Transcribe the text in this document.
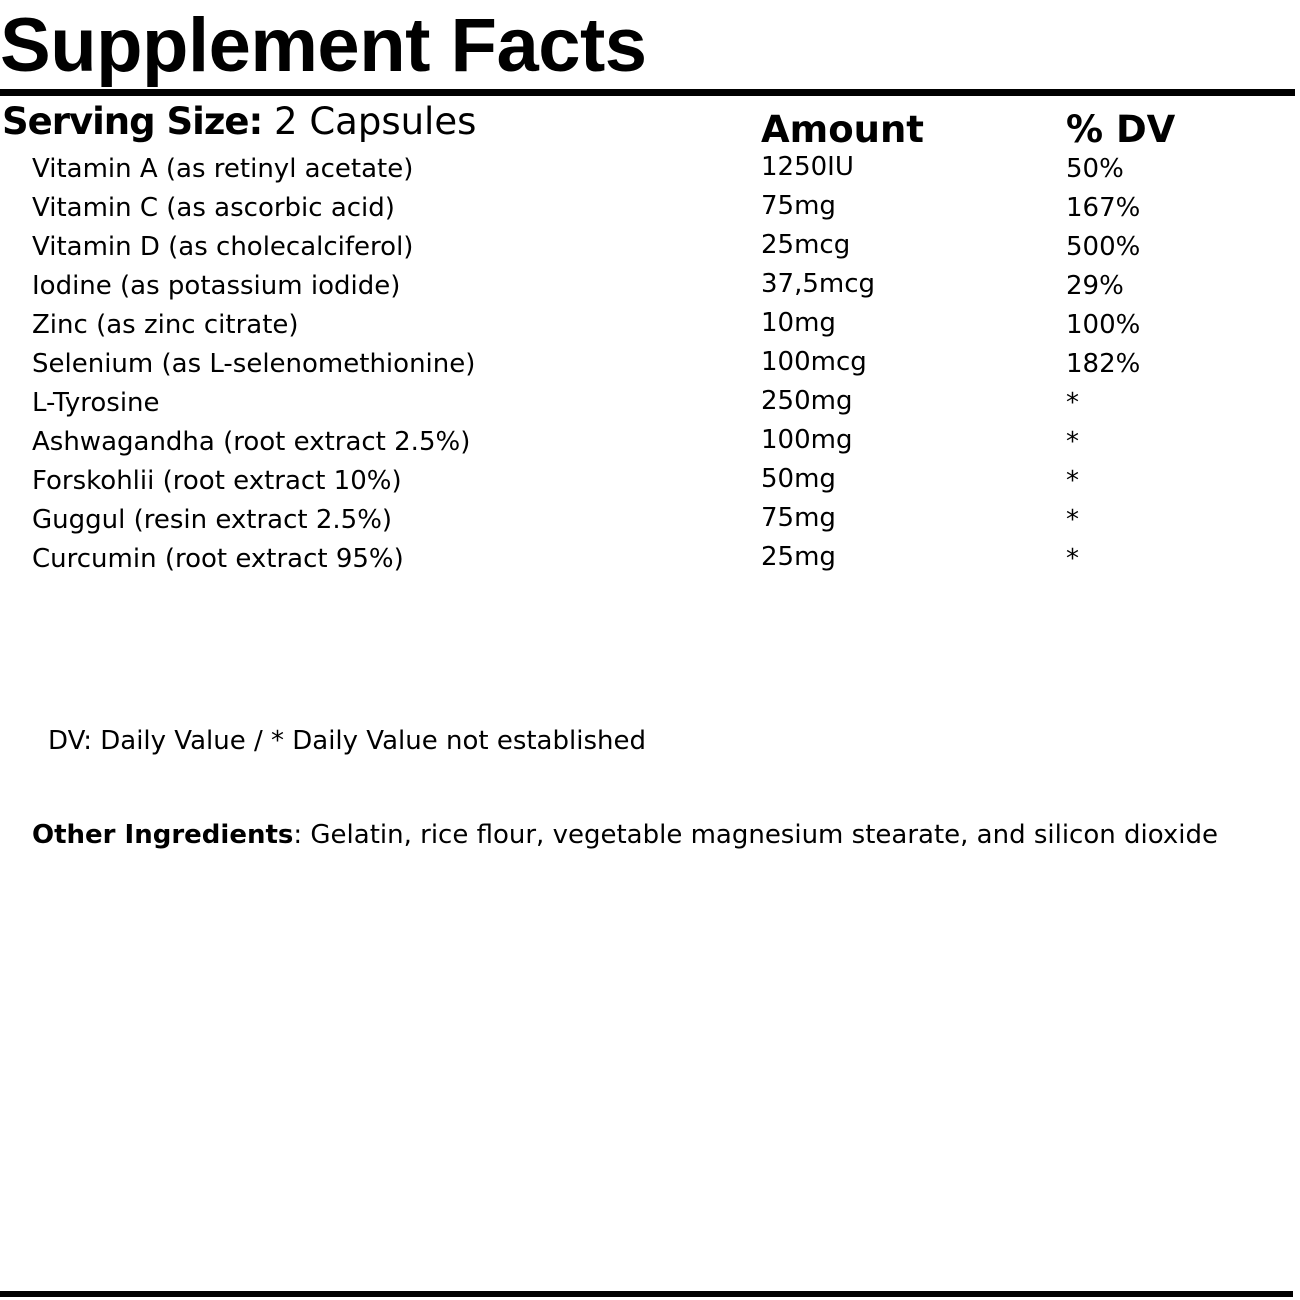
Supplement Facts
Serving Size: 2 Capsules	Amount	% DV
Vitamin A (as retinyl acetate)	1250IU	50%
Vitamin C (as ascorbic acid)	75mg	167%
Vitamin D (as cholecalciferol)	25mcg	500%
Iodine (as potassium iodide)	37,5mcg	29%
Zinc (as zinc citrate)	10mg	100%
Selenium (as L-selenomethionine)	100mcg	182%
L-Tyrosine	250mg	*
Ashwagandha (root extract 2.5%)	100mg	*
Forskohlii (root extract 10%)	50mg	*
Guggul (resin extract 2.5%)	75mg	*
Curcumin (root extract 95%)	25mg	*
DV: Daily Value / * Daily Value not established
Other Ingredients: Gelatin, rice flour, vegetable magnesium stearate, and silicon dioxide
